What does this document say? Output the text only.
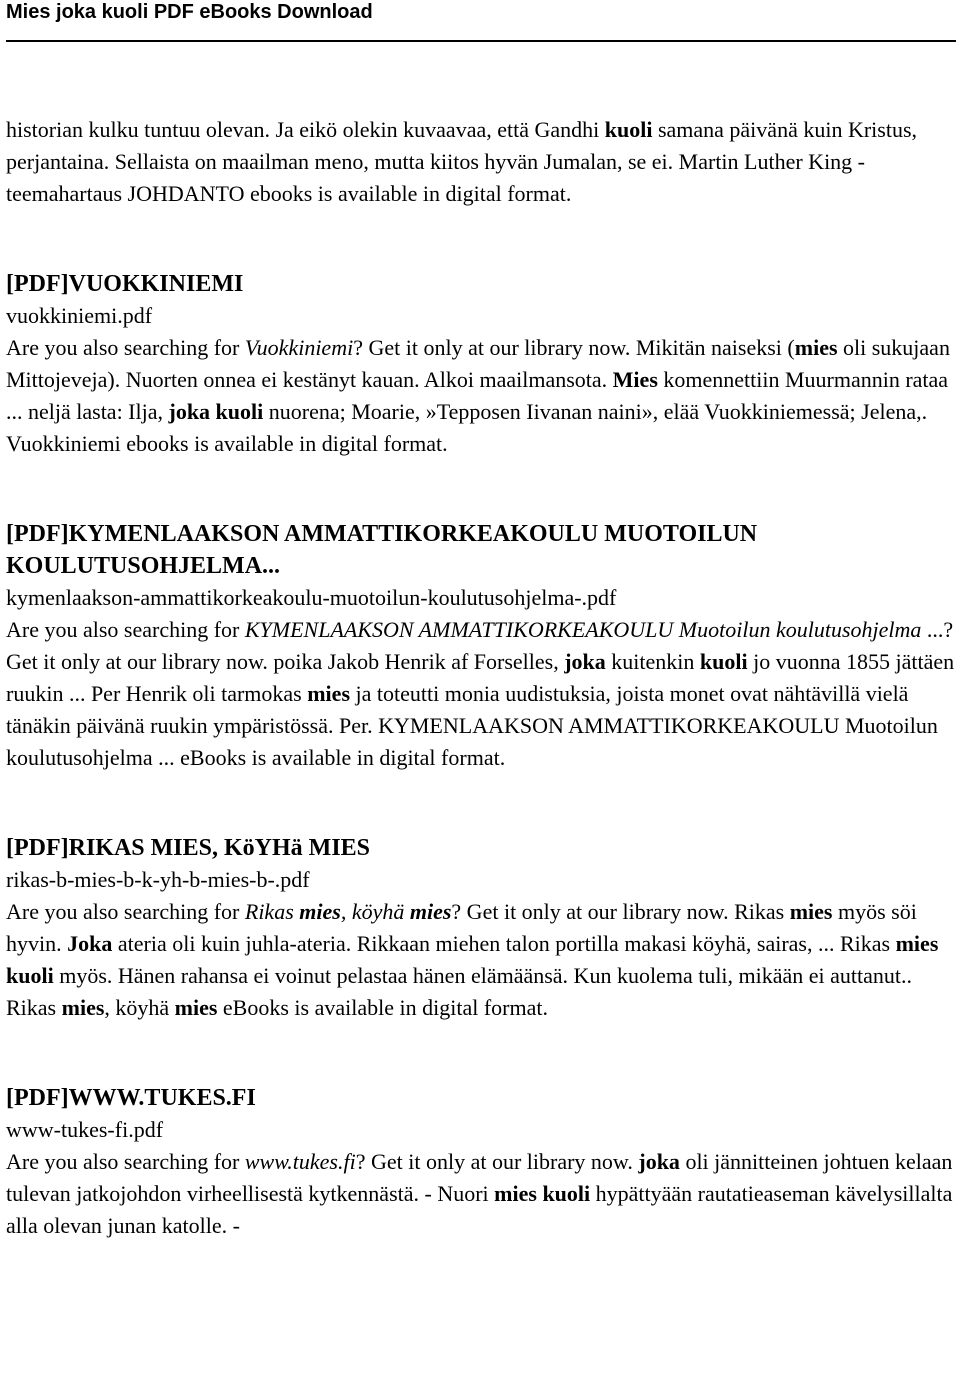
Mies joka kuoli PDF eBooks Download

historian kulku tuntuu olevan. Ja eikö olekin kuvaavaa, että Gandhi kuoli samana päivänä kuin Kristus, perjantaina. Sellaista on maailman meno, mutta kiitos hyvän Jumalan, se ei. Martin Luther King -teemahartaus JOHDANTO ebooks is available in digital format.

[PDF]VUOKKINIEMI

vuokkiniemi.pdf

Are you also searching for Vuokkiniemi? Get it only at our library now. Mikitän naiseksi (mies oli sukujaan Mittojeveja). Nuorten onnea ei kestänyt kauan. Alkoi maailmansota. Mies komennettiin Muurmannin rataa ... neljä lasta: Ilja, joka kuoli nuorena; Moarie, »Tepposen Iivanan naini», elää Vuokkiniemessä; Jelena,. Vuokkiniemi ebooks is available in digital format.

[PDF]KYMENLAAKSON AMMATTIKORKEAKOULU MUOTOILUN KOULUTUSOHJELMA...

kymenlaakson-ammattikorkeakoulu-muotoilun-koulutusohjelma-.pdf

Are you also searching for KYMENLAAKSON AMMATTIKORKEAKOULU Muotoilun koulutusohjelma ...? Get it only at our library now. poika Jakob Henrik af Forselles, joka kuitenkin kuoli jo vuonna 1855 jättäen ruukin ... Per Henrik oli tarmokas mies ja toteutti monia uudistuksia, joista monet ovat nähtävillä vielä tänäkin päivänä ruukin ympäristössä. Per. KYMENLAAKSON AMMATTIKORKEAKOULU Muotoilun koulutusohjelma ... eBooks is available in digital format.

[PDF]RIKAS MIES, KöYHä MIES

rikas-b-mies-b-k-yh-b-mies-b-.pdf

Are you also searching for Rikas mies, köyhä mies? Get it only at our library now. Rikas mies myös söi hyvin. Joka ateria oli kuin juhla-ateria. Rikkaan miehen talon portilla makasi köyhä, sairas, ... Rikas mies kuoli myös. Hänen rahansa ei voinut pelastaa hänen elämäänsä. Kun kuolema tuli, mikään ei auttanut.. Rikas mies, köyhä mies eBooks is available in digital format.

[PDF]WWW.TUKES.FI

www-tukes-fi.pdf

Are you also searching for www.tukes.fi? Get it only at our library now. joka oli jännitteinen johtuen kelaan tulevan jatkojohdon virheellisestä kytkennästä. - Nuori mies kuoli hypättyään rautatieaseman kävelysillalta alla olevan junan katolle. -
